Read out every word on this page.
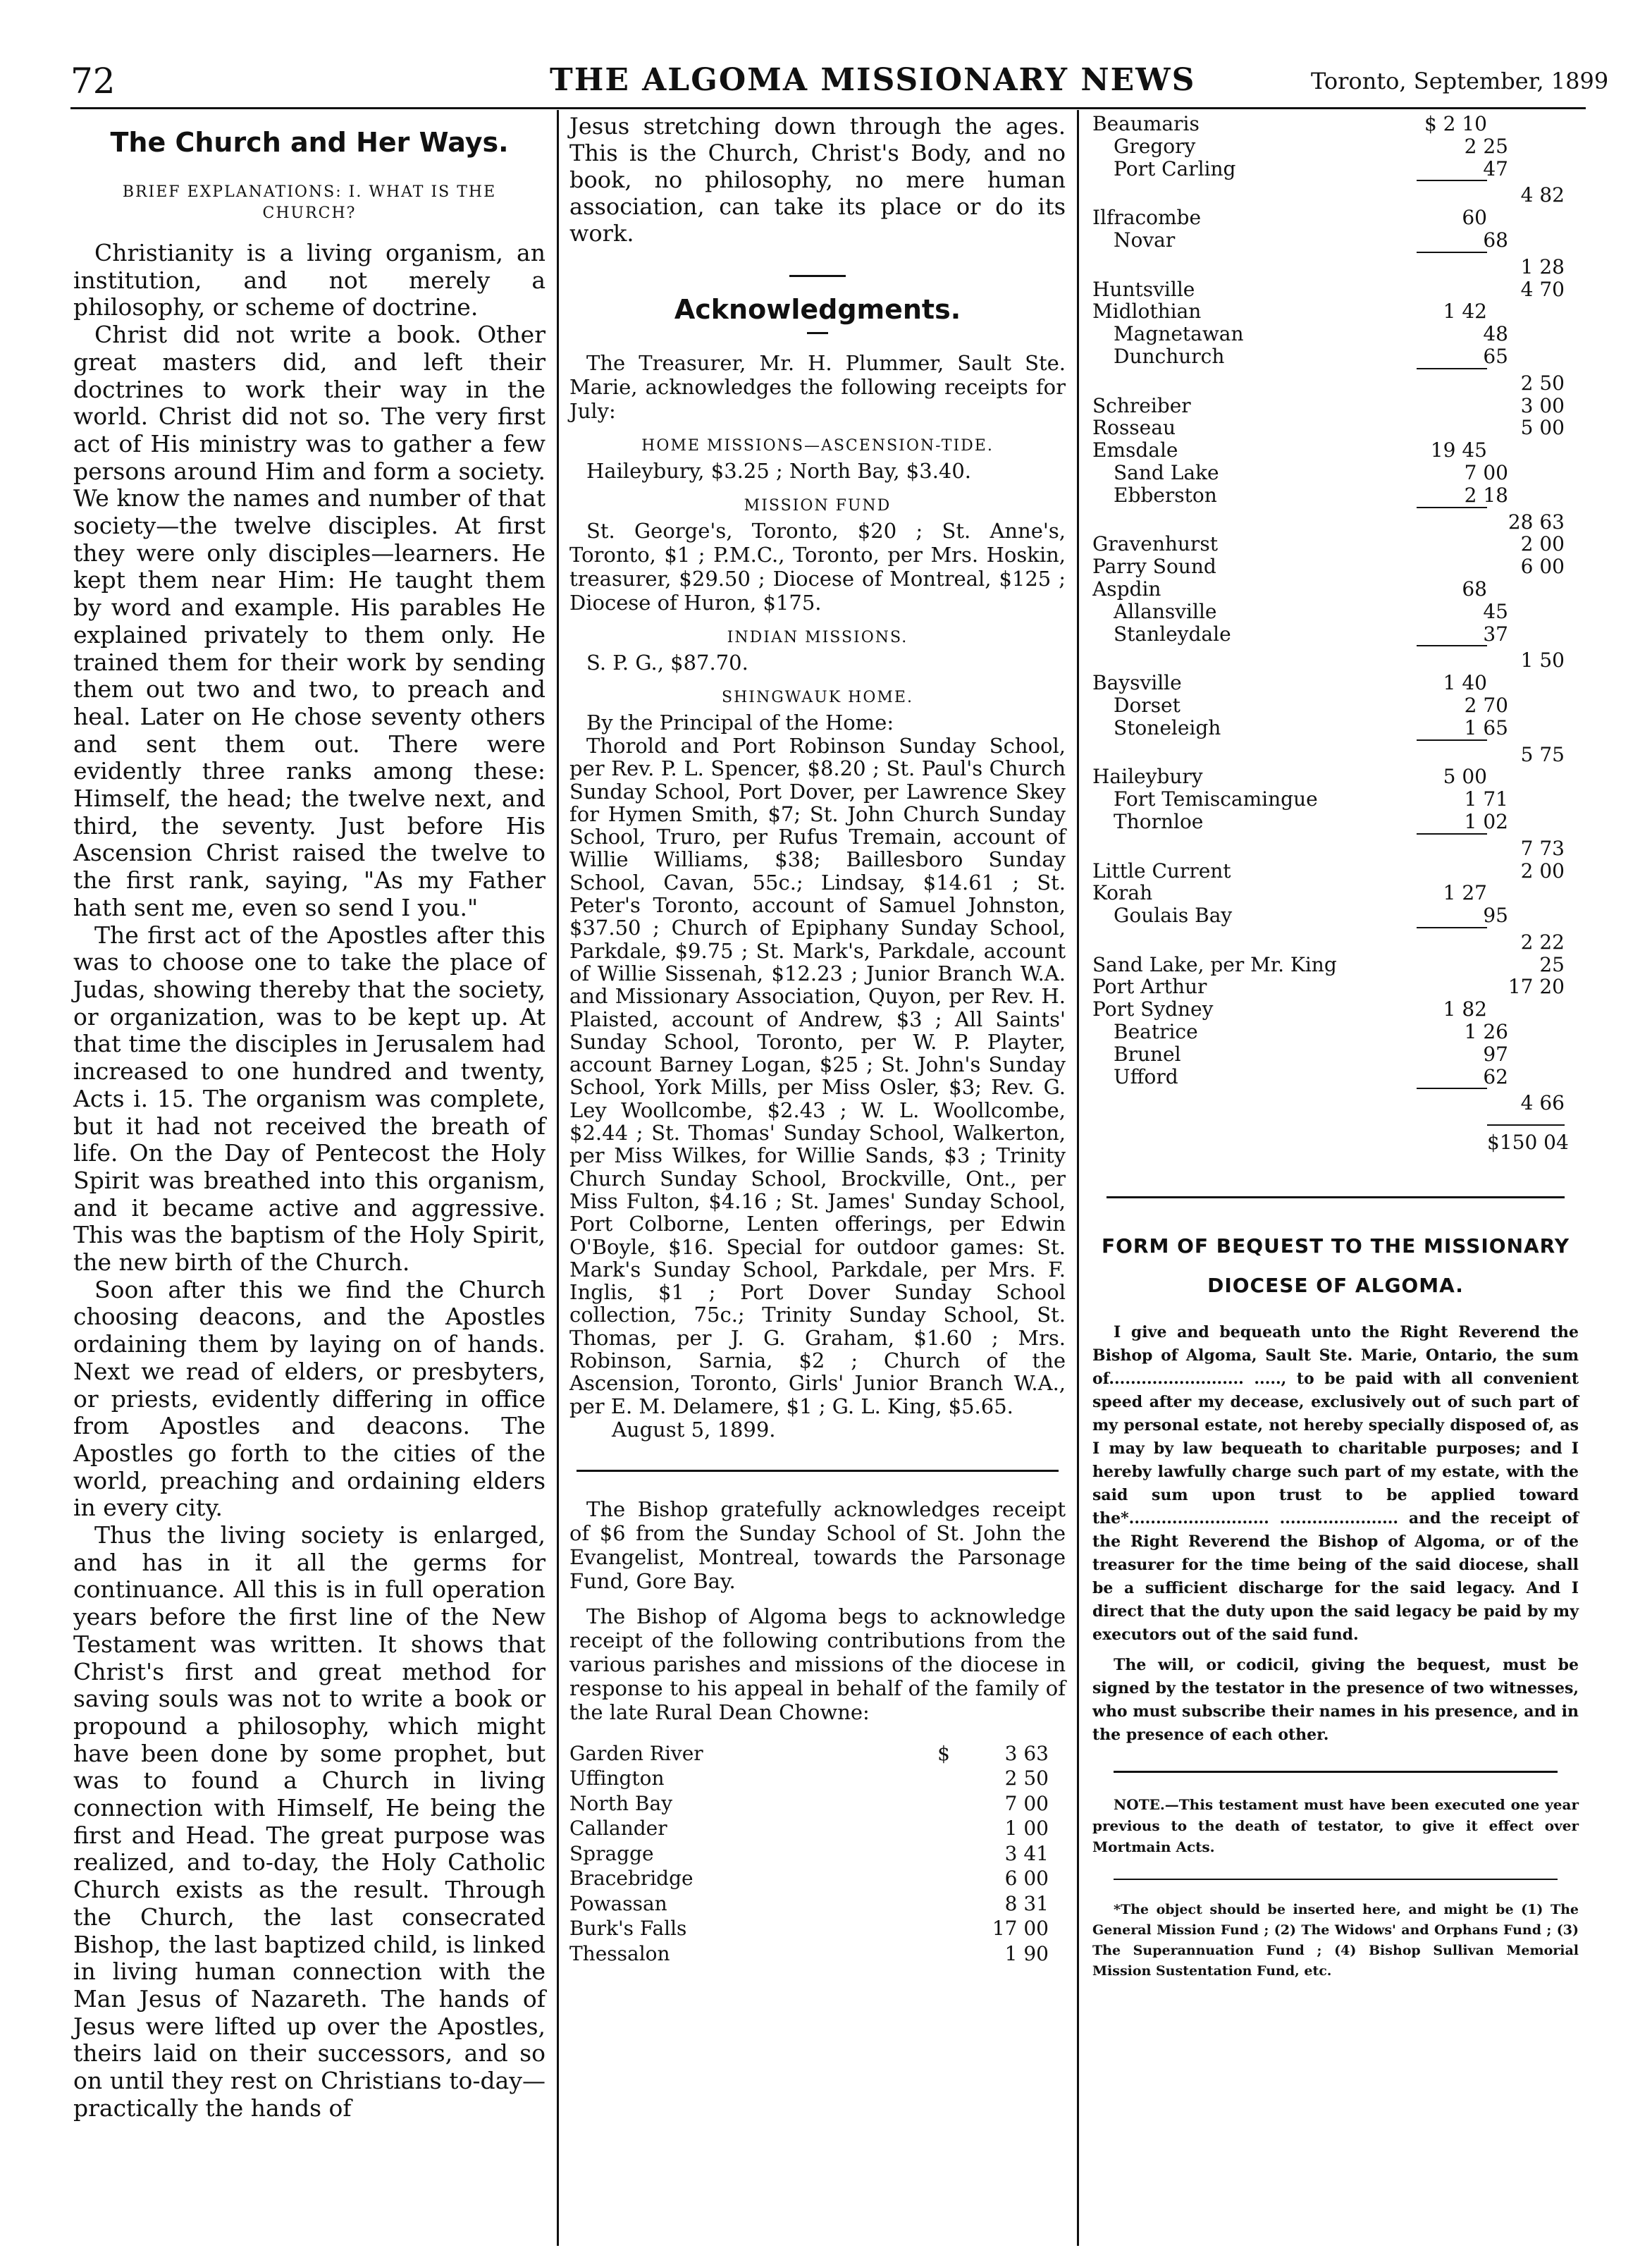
72	THE ALGOMA MISSIONARY NEWS	Toronto, September, 1899
The Church and Her Ways.
BRIEF EXPLANATIONS: I. WHAT IS THE CHURCH?

Christianity is a living organism, an institution, and not merely a philosophy, or scheme of doctrine.

Christ did not write a book. Other great masters did, and left their doctrines to work their way in the world. Christ did not so. The very first act of His ministry was to gather a few persons around Him and form a society. We know the names and number of that society—the twelve disciples. At first they were only disciples—learners. He kept them near Him: He taught them by word and example. His parables He explained privately to them only. He trained them for their work by sending them out two and two, to preach and heal. Later on He chose seventy others and sent them out. There were evidently three ranks among these: Himself, the head; the twelve next, and third, the seventy. Just before His Ascension Christ raised the twelve to the first rank, saying, "As my Father hath sent me, even so send I you."

The first act of the Apostles after this was to choose one to take the place of Judas, showing thereby that the society, or organization, was to be kept up. At that time the disciples in Jerusalem had increased to one hundred and twenty, Acts i. 15. The organism was complete, but it had not received the breath of life. On the Day of Pentecost the Holy Spirit was breathed into this organism, and it became active and aggressive. This was the baptism of the Holy Spirit, the new birth of the Church.

Soon after this we find the Church choosing deacons, and the Apostles ordaining them by laying on of hands. Next we read of elders, or presbyters, or priests, evidently differing in office from Apostles and deacons. The Apostles go forth to the cities of the world, preaching and ordaining elders in every city.

Thus the living society is enlarged, and has in it all the germs for continuance. All this is in full operation years before the first line of the New Testament was written. It shows that Christ's first and great method for saving souls was not to write a book or propound a philosophy, which might have been done by some prophet, but was to found a Church in living connection with Himself, He being the first and Head. The great purpose was realized, and to-day, the Holy Catholic Church exists as the result. Through the Church, the last consecrated Bishop, the last baptized child, is linked in living human connection with the Man Jesus of Nazareth. The hands of Jesus were lifted up over the Apostles, theirs laid on their successors, and so on until they rest on Christians to-day—practically the hands of

Jesus stretching down through the ages. This is the Church, Christ's Body, and no book, no philosophy, no mere human association, can take its place or do its work.

Acknowledgments.

The Treasurer, Mr. H. Plummer, Sault Ste. Marie, acknowledges the following receipts for July:

HOME MISSIONS—ASCENSION-TIDE.

Haileybury, $3.25 ; North Bay, $3.40.

MISSION FUND

St. George's, Toronto, $20 ; St. Anne's, Toronto, $1 ; P.M.C., Toronto, per Mrs. Hoskin, treasurer, $29.50 ; Diocese of Montreal, $125 ; Diocese of Huron, $175.

INDIAN MISSIONS.

S. P. G., $87.70.

SHINGWAUK HOME.

By the Principal of the Home:

Thorold and Port Robinson Sunday School, per Rev. P. L. Spencer, $8.20 ; St. Paul's Church Sunday School, Port Dover, per Lawrence Skey for Hymen Smith, $7; St. John Church Sunday School, Truro, per Rufus Tremain, account of Willie Williams, $38; Baillesboro Sunday School, Cavan, 55c.; Lindsay, $14.61 ; St. Peter's Toronto, account of Samuel Johnston, $37.50 ; Church of Epiphany Sunday School, Parkdale, $9.75 ; St. Mark's, Parkdale, account of Willie Sissenah, $12.23 ; Junior Branch W.A. and Missionary Association, Quyon, per Rev. H. Plaisted, account of Andrew, $3 ; All Saints' Sunday School, Toronto, per W. P. Playter, account Barney Logan, $25 ; St. John's Sunday School, York Mills, per Miss Osler, $3; Rev. G. Ley Woollcombe, $2.43 ; W. L. Woollcombe, $2.44 ; St. Thomas' Sunday School, Walkerton, per Miss Wilkes, for Willie Sands, $3 ; Trinity Church Sunday School, Brockville, Ont., per Miss Fulton, $4.16 ; St. James' Sunday School, Port Colborne, Lenten offerings, per Edwin O'Boyle, $16. Special for outdoor games: St. Mark's Sunday School, Parkdale, per Mrs. F. Inglis, $1 ; Port Dover Sunday School collection, 75c.; Trinity Sunday School, St. Thomas, per J. G. Graham, $1.60 ; Mrs. Robinson, Sarnia, $2 ; Church of the Ascension, Toronto, Girls' Junior Branch W.A., per E. M. Delamere, $1 ; G. L. King, $5.65.

August 5, 1899.

The Bishop gratefully acknowledges receipt of $6 from the Sunday School of St. John the Evangelist, Montreal, towards the Parsonage Fund, Gore Bay.

The Bishop of Algoma begs to acknowledge receipt of the following contributions from the various parishes and missions of the diocese in response to his appeal in behalf of the family of the late Rural Dean Chowne:

Garden River	$	3 63
Uffington	2 50
North Bay	7 00
Callander	1 00
Spragge	3 41
Bracebridge	6 00
Powassan	8 31
Burk's Falls	17 00
Thessalon	1 90
Beaumaris	$ 2 10
Gregory	2 25
Port Carling	47
4 82
Ilfracombe	60
Novar	68
1 28
Huntsville	4 70
Midlothian	1 42
Magnetawan	48
Dunchurch	65
2 50
Schreiber	3 00
Rosseau	5 00
Emsdale	19 45
Sand Lake	7 00
Ebberston	2 18
28 63
Gravenhurst	2 00
Parry Sound	6 00
Aspdin	68
Allansville	45
Stanleydale	37
1 50
Baysville	1 40
Dorset	2 70
Stoneleigh	1 65
5 75
Haileybury	5 00
Fort Temiscamingue	1 71
Thornloe	1 02
7 73
Little Current	2 00
Korah	1 27
Goulais Bay	95
2 22
Sand Lake, per Mr. King	25
Port Arthur	17 20
Port Sydney	1 82
Beatrice	1 26
Brunel	97
Ufford	62
4 66
$150 04
FORM OF BEQUEST TO THE MISSIONARY DIOCESE OF ALGOMA.

I give and bequeath unto the Right Reverend the Bishop of Algoma, Sault Ste. Marie, Ontario, the sum of......................... ....., to be paid with all convenient speed after my decease, exclusively out of such part of my personal estate, not hereby specially disposed of, as I may by law bequeath to charitable purposes; and I hereby lawfully charge such part of my estate, with the said sum upon trust to be applied toward the*.......................... ...................... and the receipt of the Right Reverend the Bishop of Algoma, or of the treasurer for the time being of the said diocese, shall be a sufficient discharge for the said legacy. And I direct that the duty upon the said legacy be paid by my executors out of the said fund.

The will, or codicil, giving the bequest, must be signed by the testator in the presence of two witnesses, who must subscribe their names in his presence, and in the presence of each other.

NOTE.—This testament must have been executed one year previous to the death of testator, to give it effect over Mortmain Acts.

*The object should be inserted here, and might be (1) The General Mission Fund ; (2) The Widows' and Orphans Fund ; (3) The Superannuation Fund ; (4) Bishop Sullivan Memorial Mission Sustentation Fund, etc.
